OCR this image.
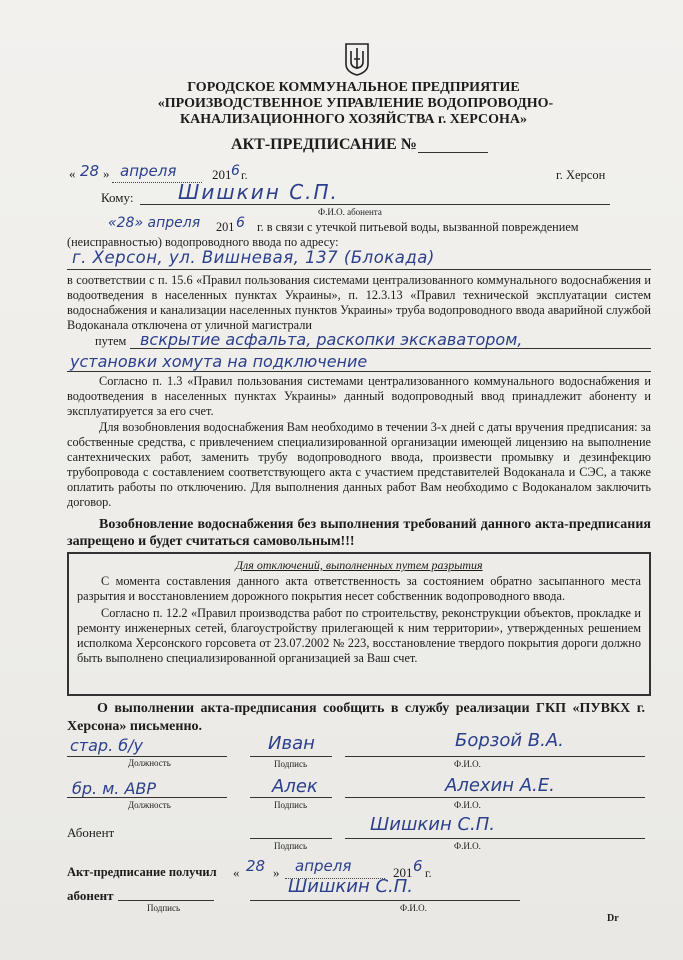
ГОРОДСКОЕ КОММУНАЛЬНОЕ ПРЕДПРИЯТИЕ
«ПРОИЗВОДСТВЕННОЕ УПРАВЛЕНИЕ ВОДОПРОВОДНО-
КАНАЛИЗАЦИОННОГО ХОЗЯЙСТВА г. ХЕРСОНА»
АКТ-ПРЕДПИСАНИЕ №
« 28 » апреля	201 6 г.	г. Херсон
Кому: Шишкин С.П.
Ф.И.О. абонента
«28» апреля 201 6 г. в связи с утечкой питьевой воды, вызванной повреждением
(неисправностью) водопроводного ввода по адресу:
г. Херсон, ул. Вишневая, 137 (Блокада)
в соответствии с п. 15.6 «Правил пользования системами централизованного коммунального водоснабжения и водоотведения в населенных пунктах Украины», п. 12.3.13 «Правил технической эксплуатации систем водоснабжения и канализации населенных пунктов Украины» труба водопроводного ввода аварийной службой Водоканала отключена от уличной магистрали
путем вскрытие асфальта, раскопки экскаватором,
установки хомута на подключение
Согласно п. 1.3 «Правил пользования системами централизованного коммунального водоснабжения и водоотведения в населенных пунктах Украины» данный водопроводный ввод принадлежит абоненту и эксплуатируется за его счет.
Для возобновления водоснабжения Вам необходимо в течении 3-х дней с даты вручения предписания: за собственные средства, с привлечением специализированной организации имеющей лицензию на выполнение сантехнических работ, заменить трубу водопроводного ввода, произвести промывку и дезинфекцию трубопровода с составлением соответствующего акта с участием представителей Водоканала и СЭС, а также оплатить работы по отключению. Для выполнения данных работ Вам необходимо с Водоканалом заключить договор.
Возобновление водоснабжения без выполнения требований данного акта-предписания запрещено и будет считаться самовольным!!!
Для отключений, выполненных путем разрытия
С момента составления данного акта ответственность за состоянием обратно засыпанного места разрытия и восстановлением дорожного покрытия несет собственник водопроводного ввода.
Согласно п. 12.2 «Правил производства работ по строительству, реконструкции объектов, прокладке и ремонту инженерных сетей, благоустройству прилегающей к ним территории», утвержденных решением исполкома Херсонского горсовета от 23.07.2002 № 223, восстановление твердого покрытия дороги должно быть выполнено специализированной организацией за Ваш счет.
О выполнении акта-предписания сообщить в службу реализации ГКП «ПУВКХ г. Херсона» письменно.
стар. б/у	Иван	Борзой В.А.
Должность	Подпись	Ф.И.О.
бр. м. АВР	Алек	Алехин А.Е.
Должность	Подпись	Ф.И.О.
Абонент	Шишкин С.П.
Подпись	Ф.И.О.
Акт-предписание получил « 28 » апреля	201 6 г.
абонент	Шишкин С.П.
Подпись	Ф.И.О.
Dr
